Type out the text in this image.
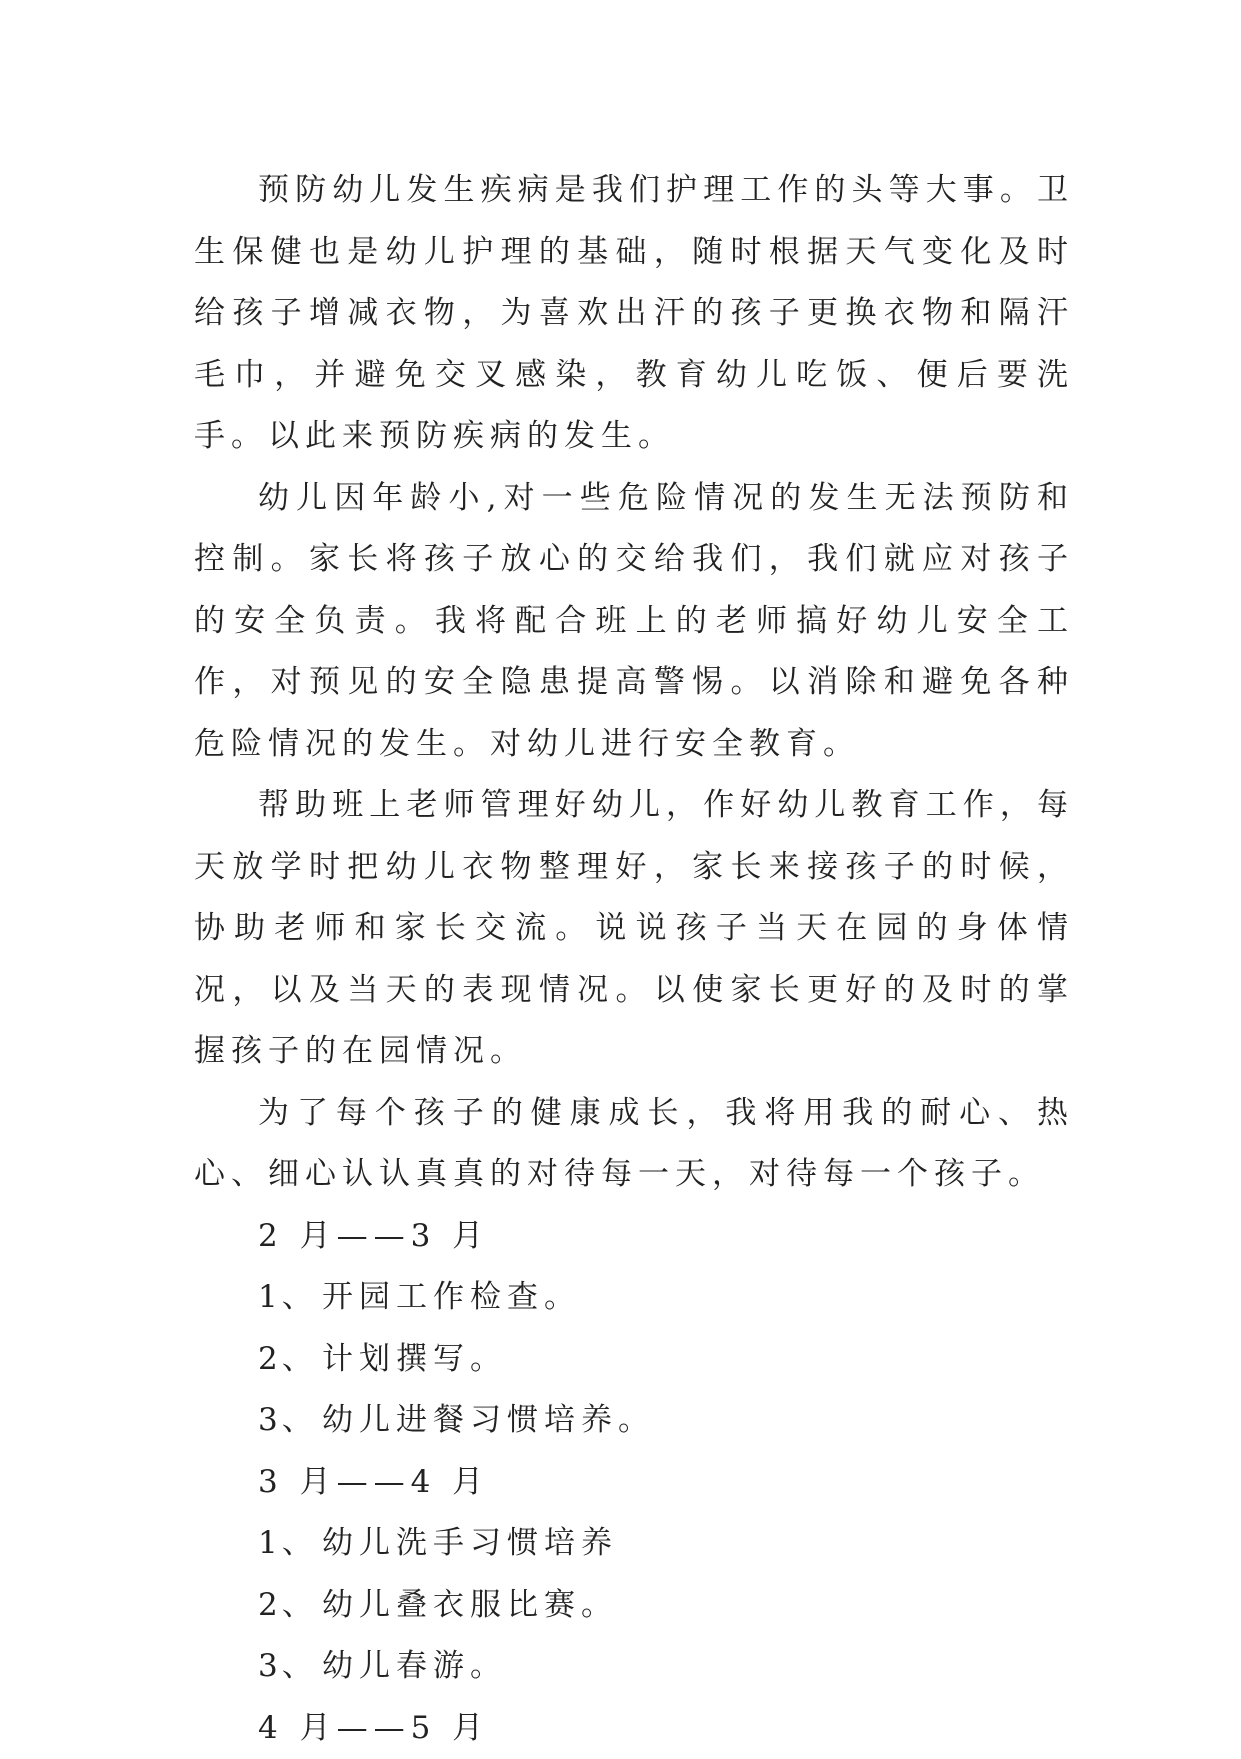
预防幼儿发生疾病是我们护理工作的头等大事。卫生保健也是幼儿护理的基础，随时根据天气变化及时给孩子增减衣物，为喜欢出汗的孩子更换衣物和隔汗毛巾，并避免交叉感染，教育幼儿吃饭、便后要洗手。以此来预防疾病的发生。

幼儿因年龄小,对一些危险情况的发生无法预防和控制。家长将孩子放心的交给我们，我们就应对孩子的安全负责。我将配合班上的老师搞好幼儿安全工作，对预见的安全隐患提高警惕。以消除和避免各种危险情况的发生。对幼儿进行安全教育。

帮助班上老师管理好幼儿，作好幼儿教育工作，每天放学时把幼儿衣物整理好，家长来接孩子的时候，协助老师和家长交流。说说孩子当天在园的身体情况，以及当天的表现情况。以使家长更好的及时的掌握孩子的在园情况。

为了每个孩子的健康成长，我将用我的耐心、热心、细心认认真真的对待每一天，对待每一个孩子。

2 月——3 月

1、 开园工作检查。

2、 计划撰写。

3、 幼儿进餐习惯培养。

3 月——4 月

1、 幼儿洗手习惯培养

2、 幼儿叠衣服比赛。

3、 幼儿春游。

4 月——5 月
